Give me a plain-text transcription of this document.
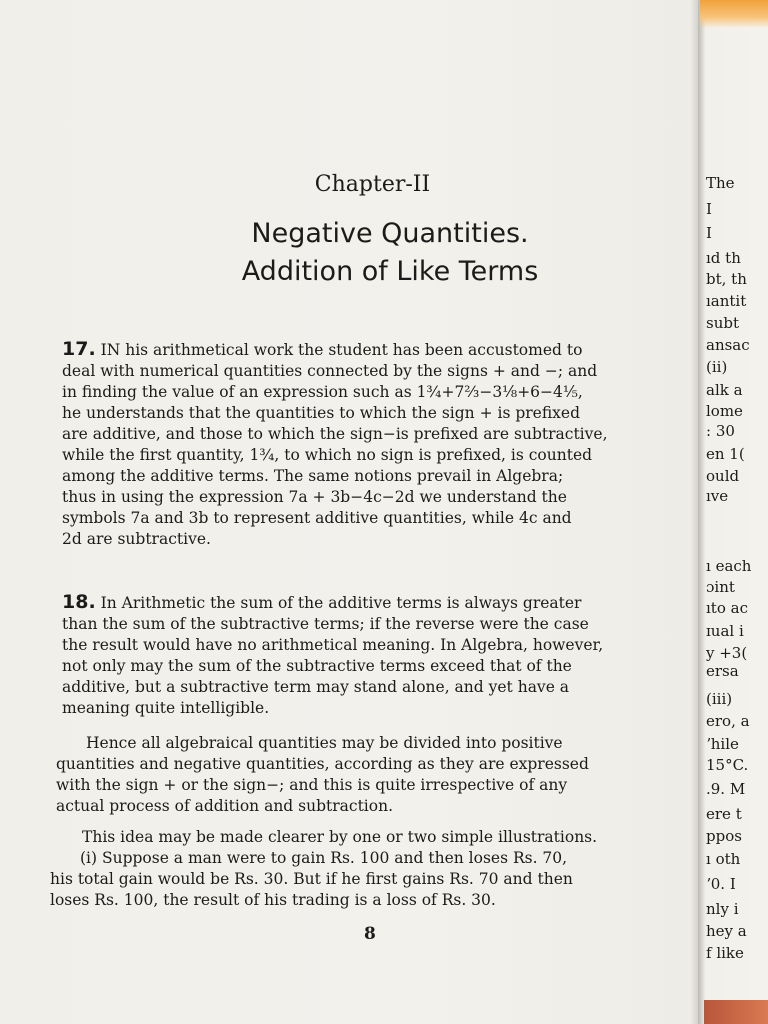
The
I
I
ıd th
bt, th
ıantit
subt
ansac
(ii)
alk a
lome
: 30
en 1(
ould
ıve
ı each
ɔint
ıto ac
ɪual i
y +3(
ersa
(iii)
ero, a
ʼhile
15°C.
.9. M
ere t
ppos
ı oth
ʼ0. I
nly i
hey a
f like
Chapter-II
Negative Quantities.
Addition of Like Terms
17. IN his arithmetical work the student has been accustomed to
deal with numerical quantities connected by the signs + and −; and
in finding the value of an expression such as 1¾+7⅔−3⅛+6−4⅕,
he understands that the quantities to which the sign + is prefixed
are additive, and those to which the sign−is prefixed are subtractive,
while the first quantity, 1¾, to which no sign is prefixed, is counted
among the additive terms. The same notions prevail in Algebra;
thus in using the expression 7a + 3b−4c−2d we understand the
symbols 7a and 3b to represent additive quantities, while 4c and
2d are subtractive.
18. In Arithmetic the sum of the additive terms is always greater
than the sum of the subtractive terms; if the reverse were the case
the result would have no arithmetical meaning. In Algebra, however,
not only may the sum of the subtractive terms exceed that of the
additive, but a subtractive term may stand alone, and yet have a
meaning quite intelligible.
Hence all algebraical quantities may be divided into positive
quantities and negative quantities, according as they are expressed
with the sign + or the sign−; and this is quite irrespective of any
actual process of addition and subtraction.
This idea may be made clearer by one or two simple illustrations.
(i) Suppose a man were to gain Rs. 100 and then loses Rs. 70,
his total gain would be Rs. 30. But if he first gains Rs. 70 and then
loses Rs. 100, the result of his trading is a loss of Rs. 30.
8
